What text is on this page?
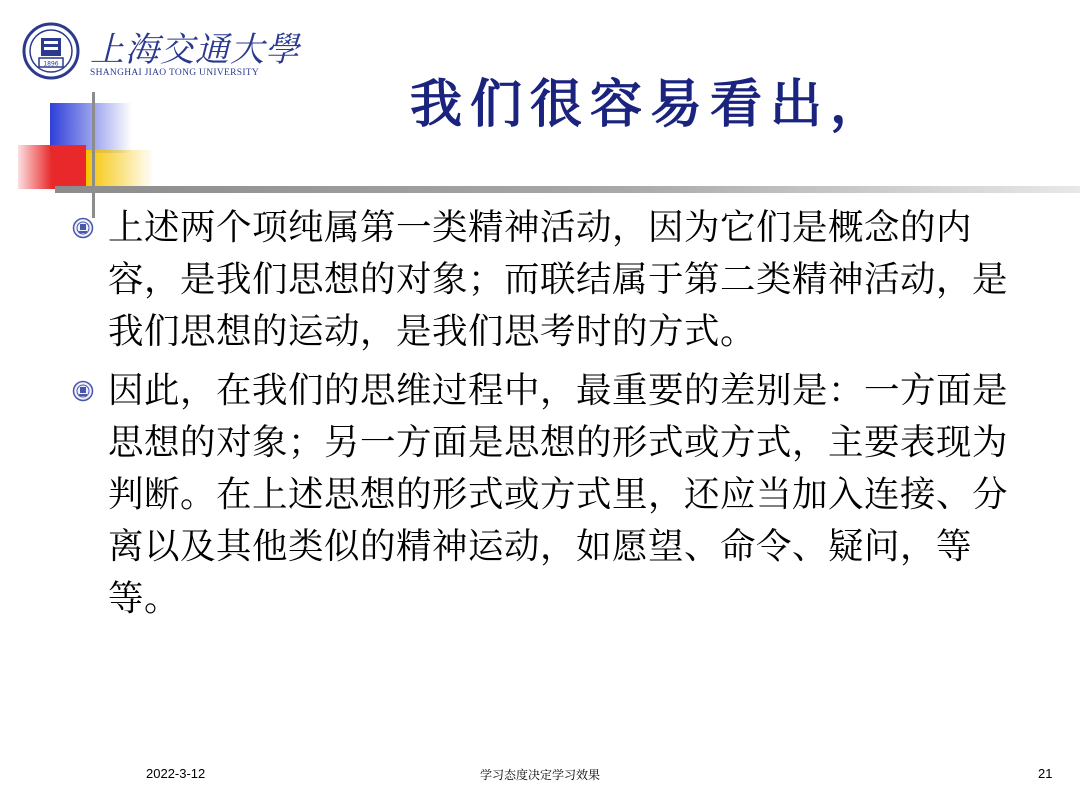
1896 上海交通大學
SHANGHAI JIAO TONG UNIVERSITY
我们很容易看出，
上述两个项纯属第一类精神活动，因为它们是概念的内容，是我们思想的对象；而联结属于第二类精神活动，是我们思想的运动，是我们思考时的方式。
因此，在我们的思维过程中，最重要的差别是：一方面是思想的对象；另一方面是思想的形式或方式，主要表现为判断。在上述思想的形式或方式里，还应当加入连接、分离以及其他类似的精神运动，如愿望、命令、疑问，等等。
2022-3-12	学习态度决定学习效果	21
